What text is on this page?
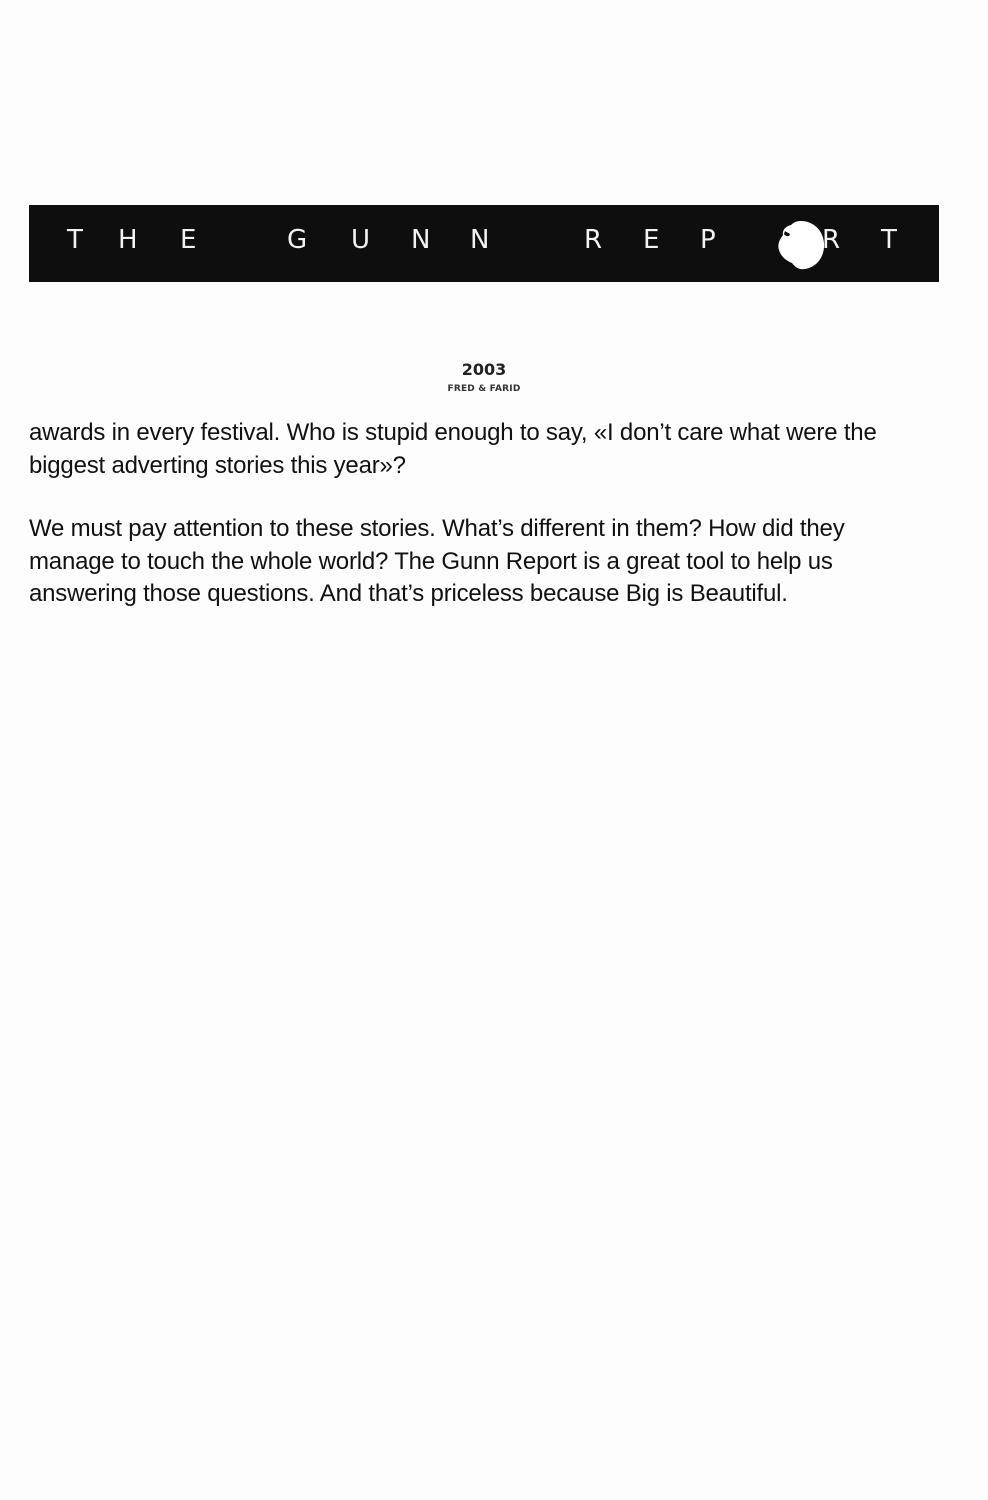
T H E	G U N N	R E P	R T
2003
FRED & FARID

awards in every festival. Who is stupid enough to say, «I don’t care what were the biggest adverting stories this year»?

We must pay attention to these stories. What’s different in them? How did they manage to touch the whole world? The Gunn Report is a great tool to help us answering those questions. And that’s priceless because Big is Beautiful.
